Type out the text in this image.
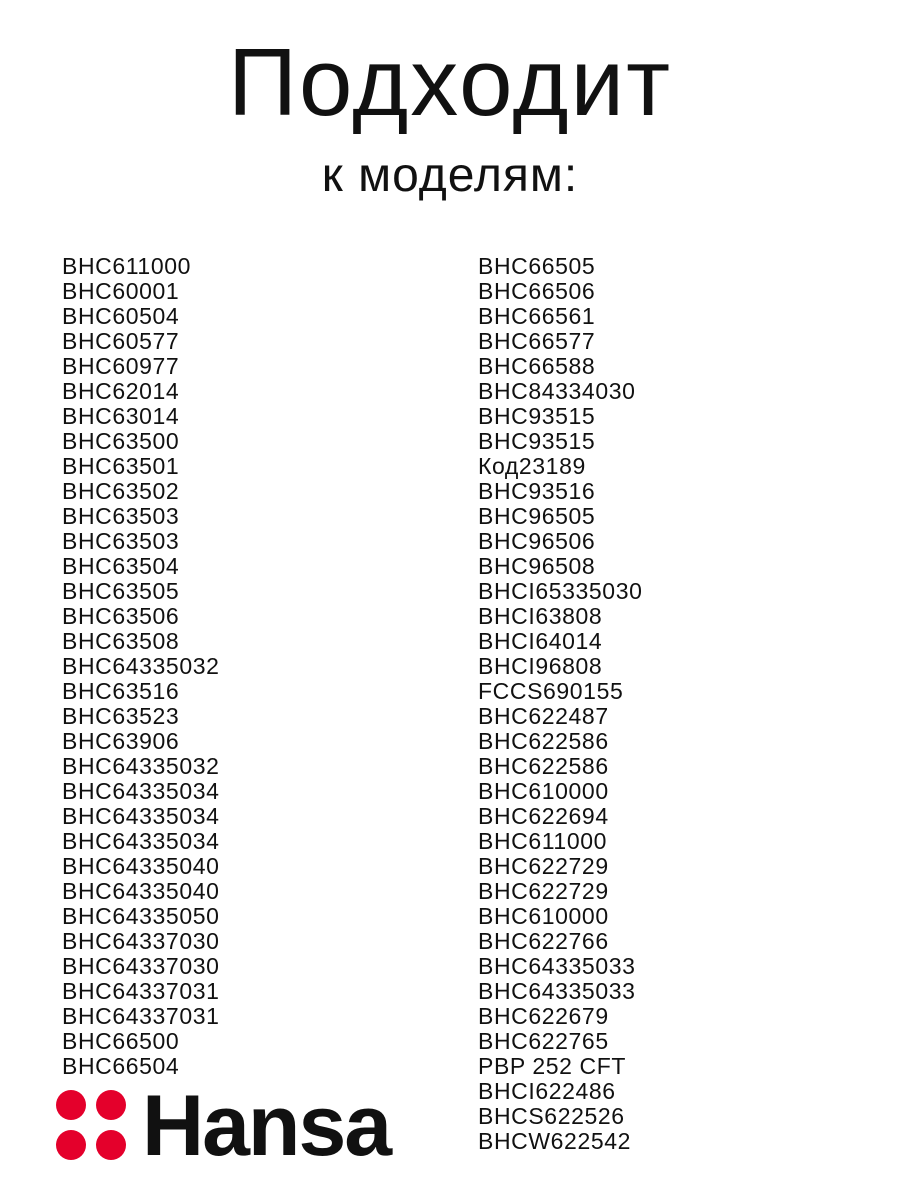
Подходит
к моделям:
BHC611000
BHC60001
BHC60504
BHC60577
BHC60977
BHC62014
BHC63014
BHC63500
BHC63501
BHC63502
BHC63503
BHC63503
BHC63504
BHC63505
BHC63506
BHC63508
BHC64335032
BHC63516
BHC63523
BHC63906
BHC64335032
BHC64335034
BHC64335034
BHC64335034
BHC64335040
BHC64335040
BHC64335050
BHC64337030
BHC64337030
BHC64337031
BHC64337031
BHC66500
BHC66504
BHC66505
BHC66506
BHC66561
BHC66577
BHC66588
BHC84334030
BHC93515
BHC93515
Код23189
BHC93516
BHC96505
BHC96506
BHC96508
BHCI65335030
BHCI63808
BHCI64014
BHCI96808
FCCS690155
BHC622487
BHC622586
BHC622586
BHC610000
BHC622694
BHC611000
BHC622729
BHC622729
BHC610000
BHC622766
BHC64335033
BHC64335033
BHC622679
BHC622765
PBP 252 CFT
BHCI622486
BHCS622526
BHCW622542
Hansa
